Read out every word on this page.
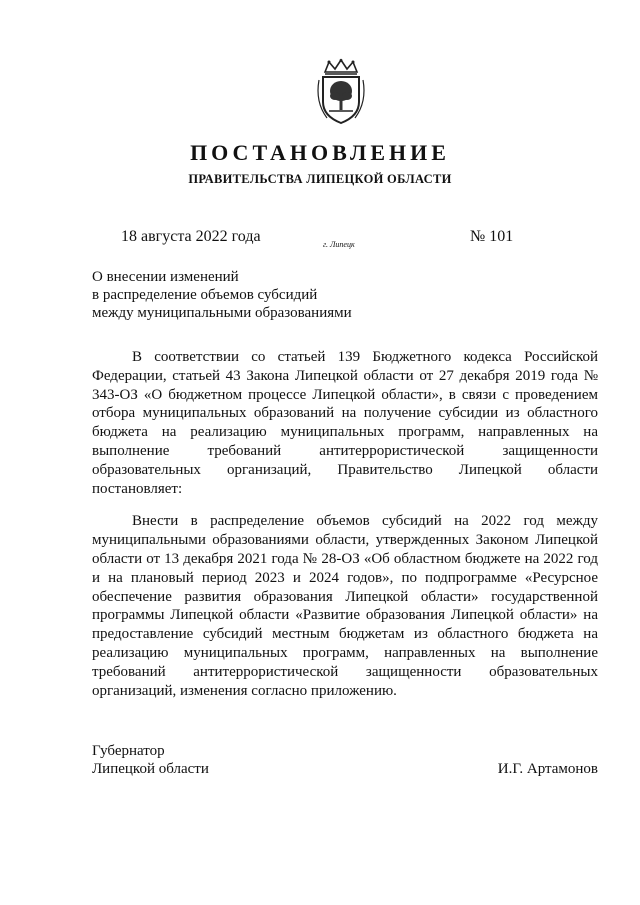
ПОСТАНОВЛЕНИЕ
ПРАВИТЕЛЬСТВА ЛИПЕЦКОЙ ОБЛАСТИ
18 августа 2022 года	г. Липецк	№ 101
О внесении изменений
в распределение объемов субсидий
между муниципальными образованиями

В соответствии со статьей 139 Бюджетного кодекса Российской Федерации, статьей 43 Закона Липецкой области от 27 декабря 2019 года № 343-ОЗ «О бюджетном процессе Липецкой области», в связи с проведением отбора муниципальных образований на получение субсидии из областного бюджета на реализацию муниципальных программ, направленных на выполнение требований антитеррористической защищенности образовательных организаций, Правительство Липецкой области постановляет:

Внести в распределение объемов субсидий на 2022 год между муниципальными образованиями области, утвержденных Законом Липецкой области от 13 декабря 2021 года № 28-ОЗ «Об областном бюджете на 2022 год и на плановый период 2023 и 2024 годов», по подпрограмме «Ресурсное обеспечение развития образования Липецкой области» государственной программы Липецкой области «Развитие образования Липецкой области» на предоставление субсидий местным бюджетам из областного бюджета на реализацию муниципальных программ, направленных на выполнение требований антитеррористической защищенности образовательных организаций, изменения согласно приложению.

Губернатор
Липецкой области	И.Г. Артамонов
